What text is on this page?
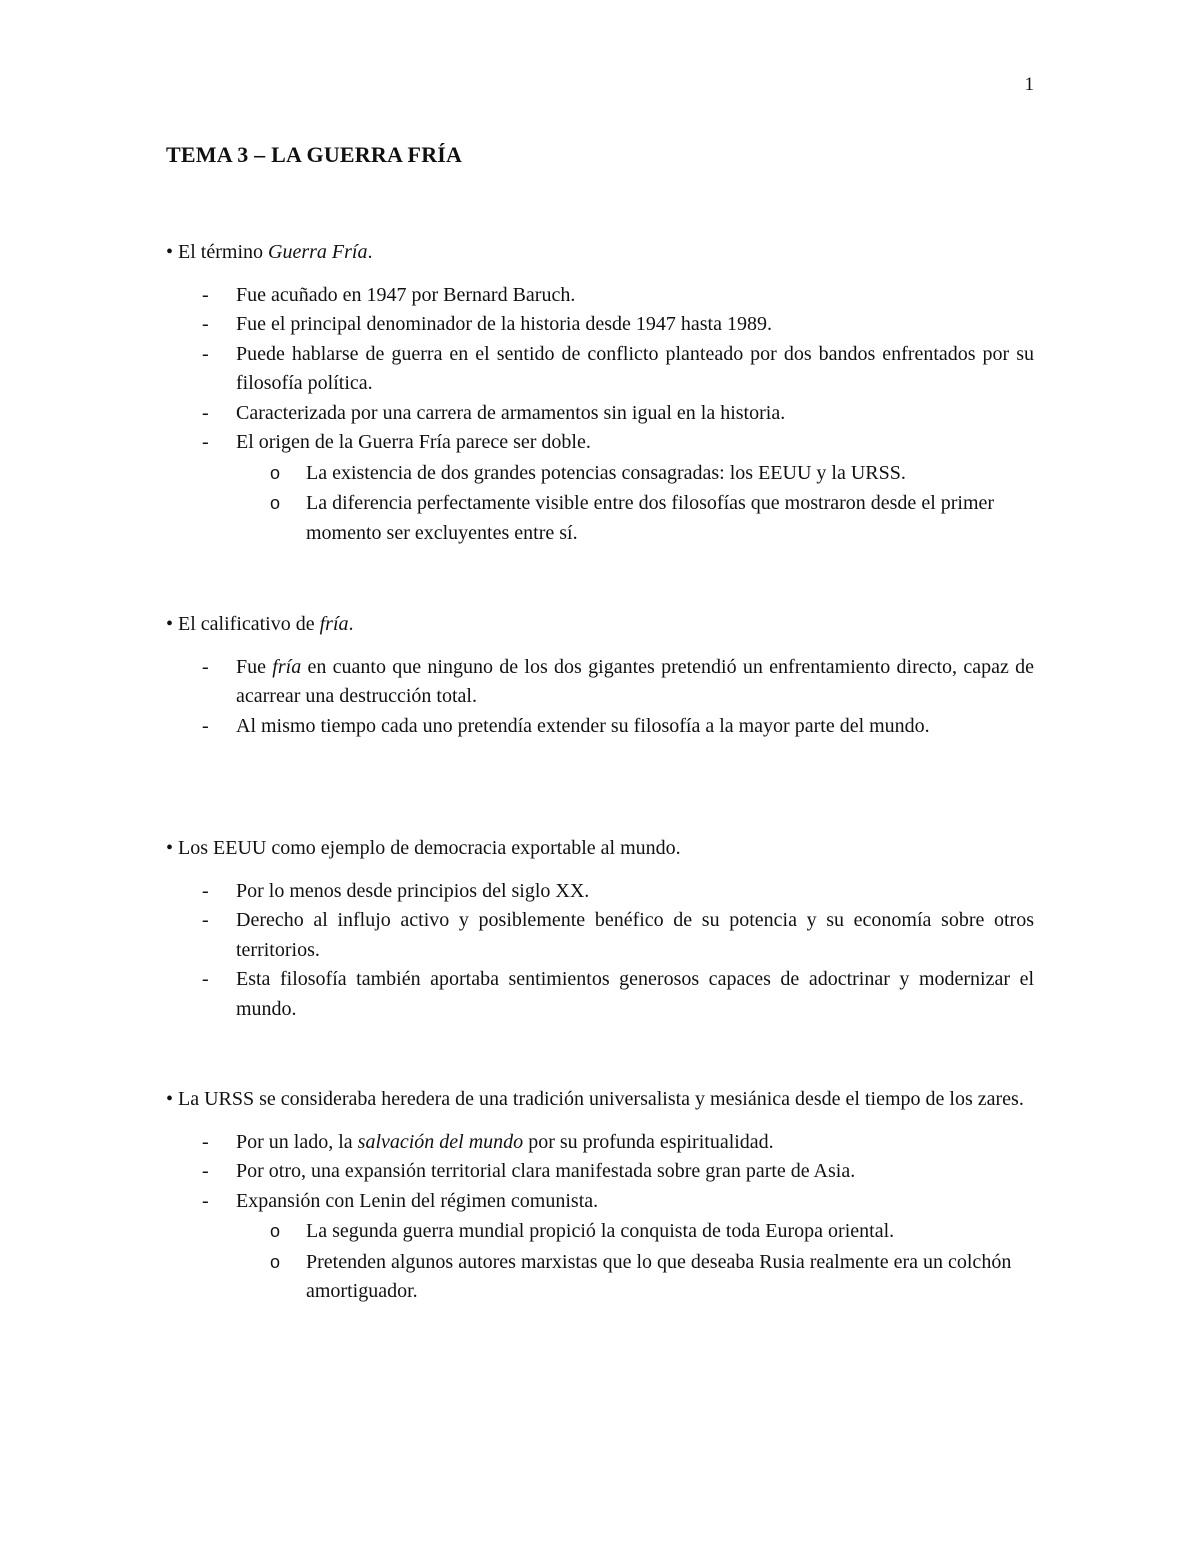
1
TEMA 3 – LA GUERRA FRÍA

• El término Guerra Fría.

- Fue acuñado en 1947 por Bernard Baruch.
- Fue el principal denominador de la historia desde 1947 hasta 1989.
- Puede hablarse de guerra en el sentido de conflicto planteado por dos bandos enfrentados por su filosofía política.
- Caracterizada por una carrera de armamentos sin igual en la historia.
- El origen de la Guerra Fría parece ser doble.
o La existencia de dos grandes potencias consagradas: los EEUU y la URSS.
o La diferencia perfectamente visible entre dos filosofías que mostraron desde el primer momento ser excluyentes entre sí.

• El calificativo de fría.

- Fue fría en cuanto que ninguno de los dos gigantes pretendió un enfrentamiento directo, capaz de acarrear una destrucción total.
- Al mismo tiempo cada uno pretendía extender su filosofía a la mayor parte del mundo.

• Los EEUU como ejemplo de democracia exportable al mundo.

- Por lo menos desde principios del siglo XX.
- Derecho al influjo activo y posiblemente benéfico de su potencia y su economía sobre otros territorios.
- Esta filosofía también aportaba sentimientos generosos capaces de adoctrinar y modernizar el mundo.

• La URSS se consideraba heredera de una tradición universalista y mesiánica desde el tiempo de los zares.

- Por un lado, la salvación del mundo por su profunda espiritualidad.
- Por otro, una expansión territorial clara manifestada sobre gran parte de Asia.
- Expansión con Lenin del régimen comunista.
o La segunda guerra mundial propició la conquista de toda Europa oriental.
o Pretenden algunos autores marxistas que lo que deseaba Rusia realmente era un colchón amortiguador.
